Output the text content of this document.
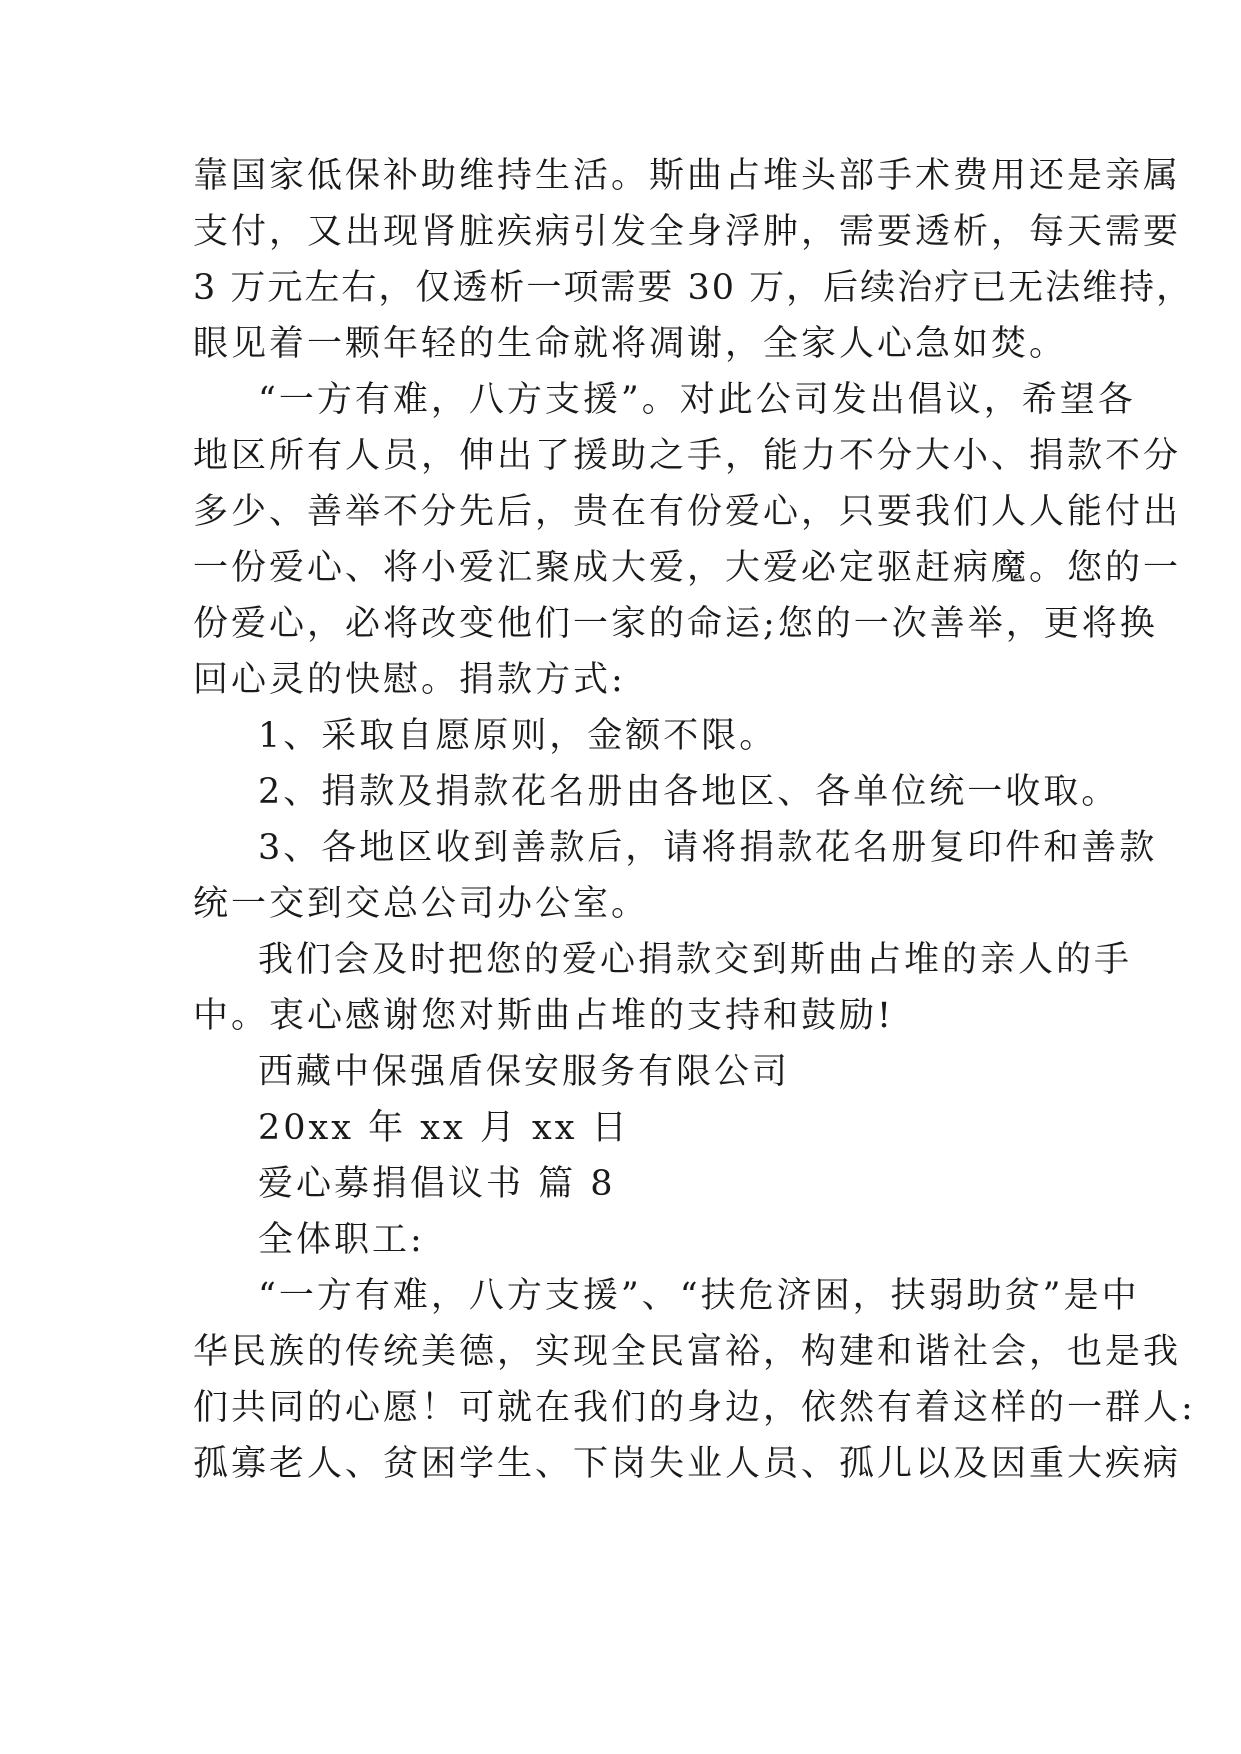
靠国家低保补助维持生活。斯曲占堆头部手术费用还是亲属

支付，又出现肾脏疾病引发全身浮肿，需要透析，每天需要

3 万元左右，仅透析一项需要 30 万，后续治疗已无法维持，

眼见着一颗年轻的生命就将凋谢，全家人心急如焚。

“一方有难，八方支援”。对此公司发出倡议，希望各

地区所有人员，伸出了援助之手，能力不分大小、捐款不分

多少、善举不分先后，贵在有份爱心，只要我们人人能付出

一份爱心、将小爱汇聚成大爱，大爱必定驱赶病魔。您的一

份爱心，必将改变他们一家的命运;您的一次善举，更将换

回心灵的快慰。捐款方式:

1、采取自愿原则，金额不限。

2、捐款及捐款花名册由各地区、各单位统一收取。

3、各地区收到善款后，请将捐款花名册复印件和善款

统一交到交总公司办公室。

我们会及时把您的爱心捐款交到斯曲占堆的亲人的手

中。衷心感谢您对斯曲占堆的支持和鼓励!

西藏中保强盾保安服务有限公司

20xx 年 xx 月 xx 日

爱心募捐倡议书 篇 8

全体职工:

“一方有难，八方支援”、“扶危济困，扶弱助贫”是中

华民族的传统美德，实现全民富裕，构建和谐社会，也是我

们共同的心愿！可就在我们的身边，依然有着这样的一群人:

孤寡老人、贫困学生、下岗失业人员、孤儿以及因重大疾病
